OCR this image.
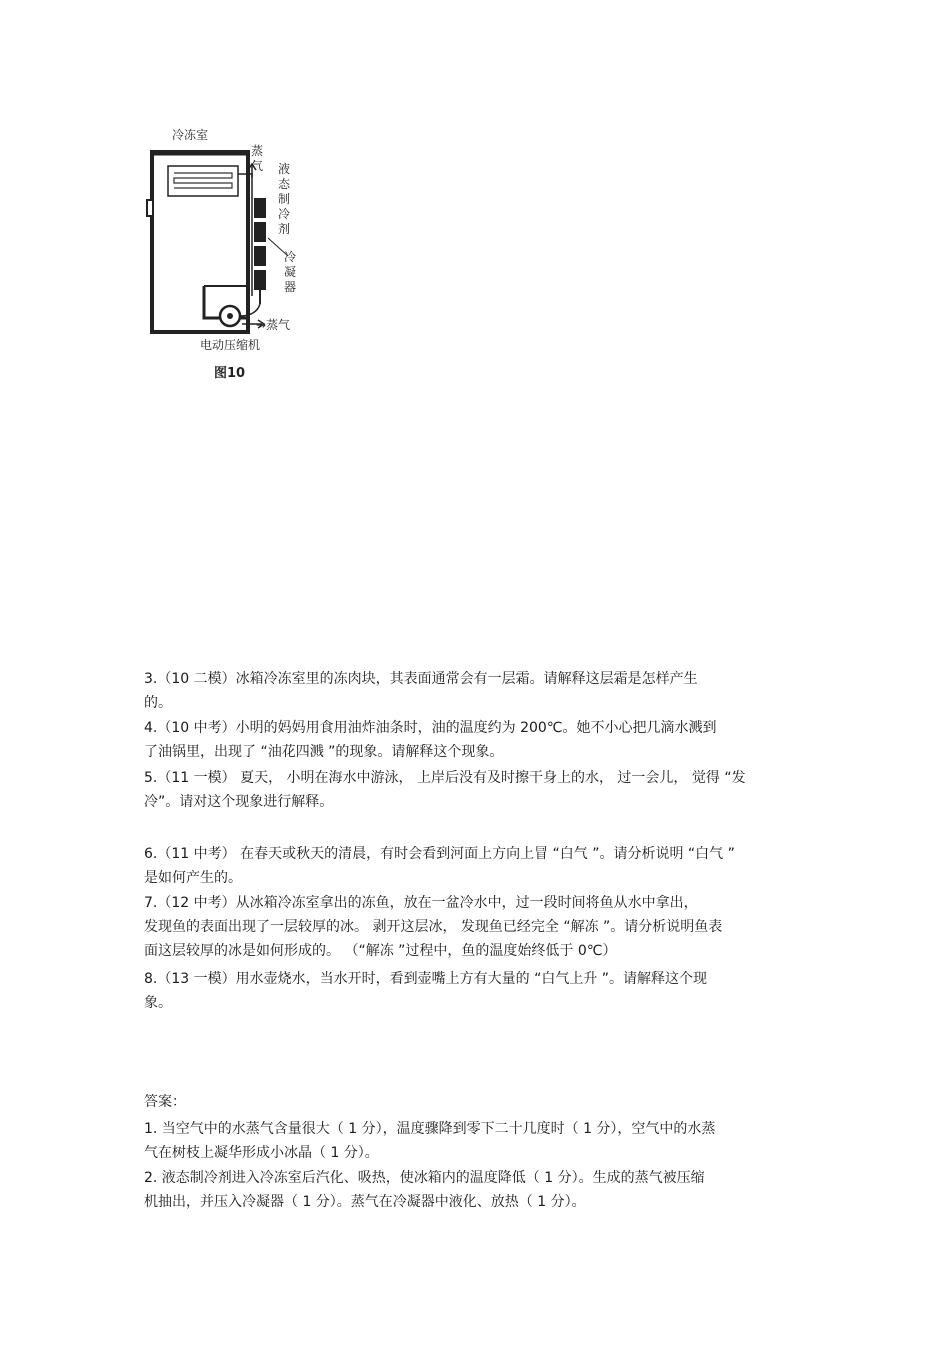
冷冻室
蒸气 液态制冷剂
冷凝器
→蒸气
电动压缩机
图10
3.（10 二模）冰箱冷冻室里的冻肉块，其表面通常会有一层霜。请解释这层霜是怎样产生
的。
4.（10 中考）小明的妈妈用食用油炸油条时，油的温度约为 200℃。她不小心把几滴水溅到
了油锅里，出现了 “油花四溅 ”的现象。请解释这个现象。
5.（11 一模） 夏天， 小明在海水中游泳， 上岸后没有及时擦干身上的水， 过一会儿， 觉得 “发
冷”。请对这个现象进行解释。
6.（11 中考） 在春天或秋天的清晨，有时会看到河面上方向上冒 “白气 ”。请分析说明 “白气 ”
是如何产生的。
7.（12 中考）从冰箱冷冻室拿出的冻鱼，放在一盆冷水中，过一段时间将鱼从水中拿出，
发现鱼的表面出现了一层较厚的冰。 剥开这层冰， 发现鱼已经完全 “解冻 ”。请分析说明鱼表
面这层较厚的冰是如何形成的。 （“解冻 ”过程中，鱼的温度始终低于 0℃）
8.（13 一模）用水壶烧水，当水开时，看到壶嘴上方有大量的 “白气上升 ”。请解释这个现
象。
答案：
1. 当空气中的水蒸气含量很大（ 1 分），温度骤降到零下二十几度时（ 1 分），空气中的水蒸
气在树枝上凝华形成小冰晶（ 1 分）。
2. 液态制冷剂进入冷冻室后汽化、吸热，使冰箱内的温度降低（ 1 分）。生成的蒸气被压缩
机抽出，并压入冷凝器（ 1 分）。蒸气在冷凝器中液化、放热（ 1 分）。
